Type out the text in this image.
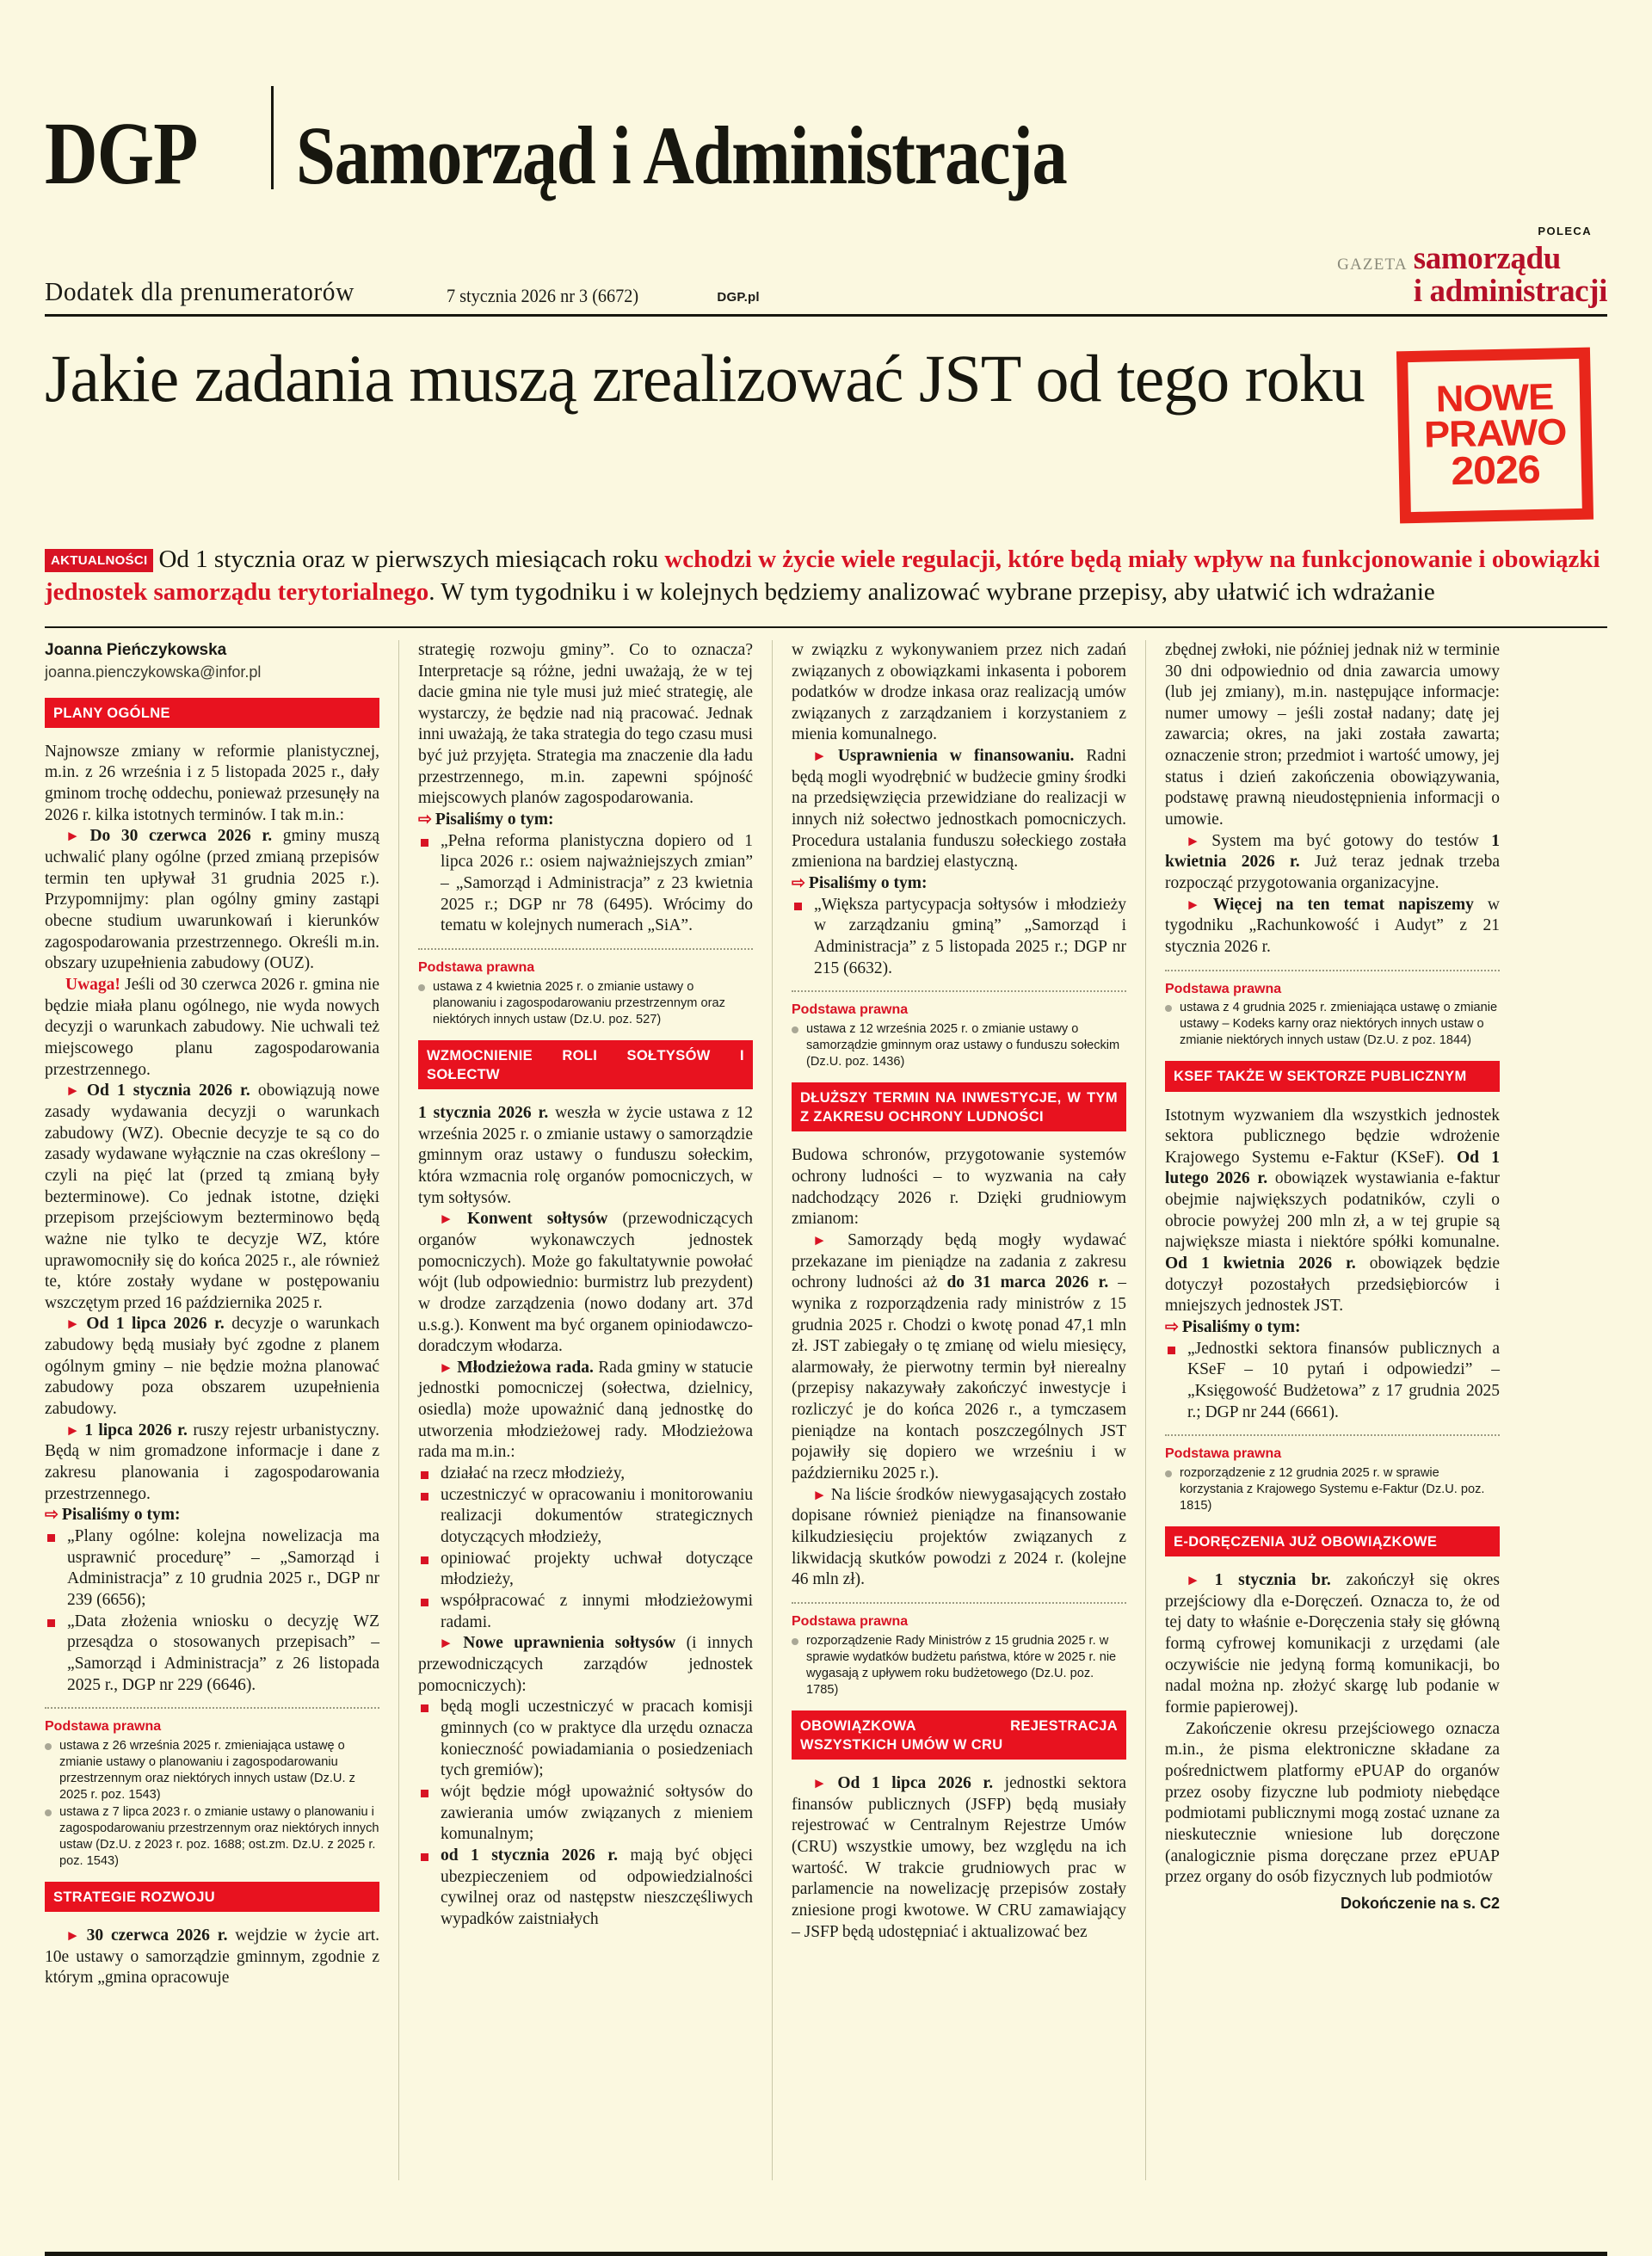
DGP Samorząd i Administracja
Dodatek dla prenumeratorów	7 stycznia 2026 nr 3 (6672)	DGP.pl
POLECA
GAZETA samorządu
i administracji
Jakie zadania muszą zrealizować JST od tego roku	NOWE
PRAWO
2026
AKTUALNOŚCI Od 1 stycznia oraz w pierwszych miesiącach roku wchodzi w życie wiele regulacji, które będą miały wpływ na funkcjonowanie i obowiązki jednostek samorządu terytorialnego. W tym tygodniku i w kolejnych będziemy analizować wybrane przepisy, aby ułatwić ich wdrażanie
Joanna Pieńczykowska
joanna.pienczykowska@infor.pl
PLANY OGÓLNE

Najnowsze zmiany w reformie planistycznej, m.in. z 26 września i z 5 listopada 2025 r., dały gminom trochę oddechu, ponieważ przesunęły na 2026 r. kilka istotnych terminów. I tak m.in.:

► Do 30 czerwca 2026 r. gminy muszą uchwalić plany ogólne (przed zmianą przepisów termin ten upływał 31 grudnia 2025 r.). Przypomnijmy: plan ogólny gminy zastąpi obecne studium uwarunkowań i kierunków zagospodarowania przestrzennego. Określi m.in. obszary uzupełnienia zabudowy (OUZ).

Uwaga! Jeśli od 30 czerwca 2026 r. gmina nie będzie miała planu ogólnego, nie wyda nowych decyzji o warunkach zabudowy. Nie uchwali też miejscowego planu zagospodarowania przestrzennego.

► Od 1 stycznia 2026 r. obowiązują nowe zasady wydawania decyzji o warunkach zabudowy (WZ). Obecnie decyzje te są co do zasady wydawane wyłącznie na czas określony – czyli na pięć lat (przed tą zmianą były bezterminowe). Co jednak istotne, dzięki przepisom przejściowym bezterminowo będą ważne nie tylko te decyzje WZ, które uprawomocniły się do końca 2025 r., ale również te, które zostały wydane w postępowaniu wszczętym przed 16 października 2025 r.

► Od 1 lipca 2026 r. decyzje o warunkach zabudowy będą musiały być zgodne z planem ogólnym gminy – nie będzie można planować zabudowy poza obszarem uzupełnienia zabudowy.

► 1 lipca 2026 r. ruszy rejestr urbanistyczny. Będą w nim gromadzone informacje i dane z zakresu planowania i zagospodarowania przestrzennego.

⇨ Pisaliśmy o tym:

„Plany ogólne: kolejna nowelizacja ma usprawnić procedurę” – „Samorząd i Administracja” z 10 grudnia 2025 r., DGP nr 239 (6656);
„Data złożenia wniosku o decyzję WZ przesądza o stosowanych przepisach” – „Samorząd i Administracja” z 26 listopada 2025 r., DGP nr 229 (6646).
Podstawa prawna
ustawa z 26 września 2025 r. zmieniająca ustawę o zmianie ustawy o planowaniu i zagospodarowaniu przestrzennym oraz niektórych innych ustaw (Dz.U. z 2025 r. poz. 1543)
ustawa z 7 lipca 2023 r. o zmianie ustawy o planowaniu i zagospodarowaniu przestrzennym oraz niektórych innych ustaw (Dz.U. z 2023 r. poz. 1688; ost.zm. Dz.U. z 2025 r. poz. 1543)
STRATEGIE ROZWOJU

► 30 czerwca 2026 r. wejdzie w życie art. 10e ustawy o samorządzie gminnym, zgodnie z którym „gmina opracowuje

strategię rozwoju gminy”. Co to oznacza? Interpretacje są różne, jedni uważają, że w tej dacie gmina nie tyle musi już mieć strategię, ale wystarczy, że będzie nad nią pracować. Jednak inni uważają, że taka strategia do tego czasu musi być już przyjęta. Strategia ma znaczenie dla ładu przestrzennego, m.in. zapewni spójność miejscowych planów zagospodarowania.

⇨ Pisaliśmy o tym:

„Pełna reforma planistyczna dopiero od 1 lipca 2026 r.: osiem najważniejszych zmian” – „Samorząd i Administracja” z 23 kwietnia 2025 r.; DGP nr 78 (6495). Wrócimy do tematu w kolejnych numerach „SiA”.
Podstawa prawna
ustawa z 4 kwietnia 2025 r. o zmianie ustawy o planowaniu i zagospodarowaniu przestrzennym oraz niektórych innych ustaw (Dz.U. poz. 527)
WZMOCNIENIE ROLI SOŁTYSÓW I SOŁECTW

1 stycznia 2026 r. weszła w życie ustawa z 12 września 2025 r. o zmianie ustawy o samorządzie gminnym oraz ustawy o funduszu sołeckim, która wzmacnia rolę organów pomocniczych, w tym sołtysów.

► Konwent sołtysów (przewodniczących organów wykonawczych jednostek pomocniczych). Może go fakultatywnie powołać wójt (lub odpowiednio: burmistrz lub prezydent) w drodze zarządzenia (nowo dodany art. 37d u.s.g.). Konwent ma być organem opiniodawczo-doradczym włodarza.

► Młodzieżowa rada. Rada gminy w statucie jednostki pomocniczej (sołectwa, dzielnicy, osiedla) może upoważnić daną jednostkę do utworzenia młodzieżowej rady. Młodzieżowa rada ma m.in.:

działać na rzecz młodzieży,
uczestniczyć w opracowaniu i monitorowaniu realizacji dokumentów strategicznych dotyczących młodzieży,
opiniować projekty uchwał dotyczące młodzieży,
współpracować z innymi młodzieżowymi radami.

► Nowe uprawnienia sołtysów (i innych przewodniczących zarządów jednostek pomocniczych):

będą mogli uczestniczyć w pracach komisji gminnych (co w praktyce dla urzędu oznacza konieczność powiadamiania o posiedzeniach tych gremiów);
wójt będzie mógł upoważnić sołtysów do zawierania umów związanych z mieniem komunalnym;
od 1 stycznia 2026 r. mają być objęci ubezpieczeniem od odpowiedzialności cywilnej oraz od następstw nieszczęśliwych wypadków zaistniałych

w związku z wykonywaniem przez nich zadań związanych z obowiązkami inkasenta i poborem podatków w drodze inkasa oraz realizacją umów związanych z zarządzaniem i korzystaniem z mienia komunalnego.

► Usprawnienia w finansowaniu. Radni będą mogli wyodrębnić w budżecie gminy środki na przedsięwzięcia przewidziane do realizacji w innych niż sołectwo jednostkach pomocniczych. Procedura ustalania funduszu sołeckiego została zmieniona na bardziej elastyczną.

⇨ Pisaliśmy o tym:

„Większa partycypacja sołtysów i młodzieży w zarządzaniu gminą” „Samorząd i Administracja” z 5 listopada 2025 r.; DGP nr 215 (6632).
Podstawa prawna
ustawa z 12 września 2025 r. o zmianie ustawy o samorządzie gminnym oraz ustawy o funduszu sołeckim (Dz.U. poz. 1436)
DŁUŻSZY TERMIN NA INWESTYCJE, W TYM Z ZAKRESU OCHRONY LUDNOŚCI

Budowa schronów, przygotowanie systemów ochrony ludności – to wyzwania na cały nadchodzący 2026 r. Dzięki grudniowym zmianom:

► Samorządy będą mogły wydawać przekazane im pieniądze na zadania z zakresu ochrony ludności aż do 31 marca 2026 r. – wynika z rozporządzenia rady ministrów z 15 grudnia 2025 r. Chodzi o kwotę ponad 47,1 mln zł. JST zabiegały o tę zmianę od wielu miesięcy, alarmowały, że pierwotny termin był nierealny (przepisy nakazywały zakończyć inwestycje i rozliczyć je do końca 2026 r., a tymczasem pieniądze na kontach poszczególnych JST pojawiły się dopiero we wrześniu i w październiku 2025 r.).

► Na liście środków niewygasających zostało dopisane również pieniądze na finansowanie kilkudziesięciu projektów związanych z likwidacją skutków powodzi z 2024 r. (kolejne 46 mln zł).

Podstawa prawna
rozporządzenie Rady Ministrów z 15 grudnia 2025 r. w sprawie wydatków budżetu państwa, które w 2025 r. nie wygasają z upływem roku budżetowego (Dz.U. poz. 1785)
OBOWIĄZKOWA REJESTRACJA WSZYSTKICH UMÓW W CRU

► Od 1 lipca 2026 r. jednostki sektora finansów publicznych (JSFP) będą musiały rejestrować w Centralnym Rejestrze Umów (CRU) wszystkie umowy, bez względu na ich wartość. W trakcie grudniowych prac w parlamencie na nowelizację przepisów zostały zniesione progi kwotowe. W CRU zamawiający – JSFP będą udostępniać i aktualizować bez

zbędnej zwłoki, nie później jednak niż w terminie 30 dni odpowiednio od dnia zawarcia umowy (lub jej zmiany), m.in. następujące informacje: numer umowy – jeśli został nadany; datę jej zawarcia; okres, na jaki została zawarta; oznaczenie stron; przedmiot i wartość umowy, jej status i dzień zakończenia obowiązywania, podstawę prawną nieudostępnienia informacji o umowie.

► System ma być gotowy do testów 1 kwietnia 2026 r. Już teraz jednak trzeba rozpocząć przygotowania organizacyjne.

► Więcej na ten temat napiszemy w tygodniku „Rachunkowość i Audyt” z 21 stycznia 2026 r.

Podstawa prawna
ustawa z 4 grudnia 2025 r. zmieniająca ustawę o zmianie ustawy – Kodeks karny oraz niektórych innych ustaw o zmianie niektórych innych ustaw (Dz.U. z poz. 1844)
KSEF TAKŻE W SEKTORZE PUBLICZNYM

Istotnym wyzwaniem dla wszystkich jednostek sektora publicznego będzie wdrożenie Krajowego Systemu e-Faktur (KSeF). Od 1 lutego 2026 r. obowiązek wystawiania e-faktur obejmie największych podatników, czyli o obrocie powyżej 200 mln zł, a w tej grupie są największe miasta i niektóre spółki komunalne. Od 1 kwietnia 2026 r. obowiązek będzie dotyczył pozostałych przedsiębiorców i mniejszych jednostek JST.

⇨ Pisaliśmy o tym:

„Jednostki sektora finansów publicznych a KSeF – 10 pytań i odpowiedzi” – „Księgowość Budżetowa” z 17 grudnia 2025 r.; DGP nr 244 (6661).
Podstawa prawna
rozporządzenie z 12 grudnia 2025 r. w sprawie korzystania z Krajowego Systemu e-Faktur (Dz.U. poz. 1815)
E-DORĘCZENIA JUŻ OBOWIĄZKOWE

► 1 stycznia br. zakończył się okres przejściowy dla e-Doręczeń. Oznacza to, że od tej daty to właśnie e-Doręczenia stały się główną formą cyfrowej komunikacji z urzędami (ale oczywiście nie jedyną formą komunikacji, bo nadal można np. złożyć skargę lub podanie w formie papierowej).

Zakończenie okresu przejściowego oznacza m.in., że pisma elektroniczne składane za pośrednictwem platformy ePUAP do organów przez osoby fizyczne lub podmioty niebędące podmiotami publicznymi mogą zostać uznane za nieskutecznie wniesione lub doręczone (analogicznie pisma doręczane przez ePUAP przez organy do osób fizycznych lub podmiotów

Dokończenie na s. C2
